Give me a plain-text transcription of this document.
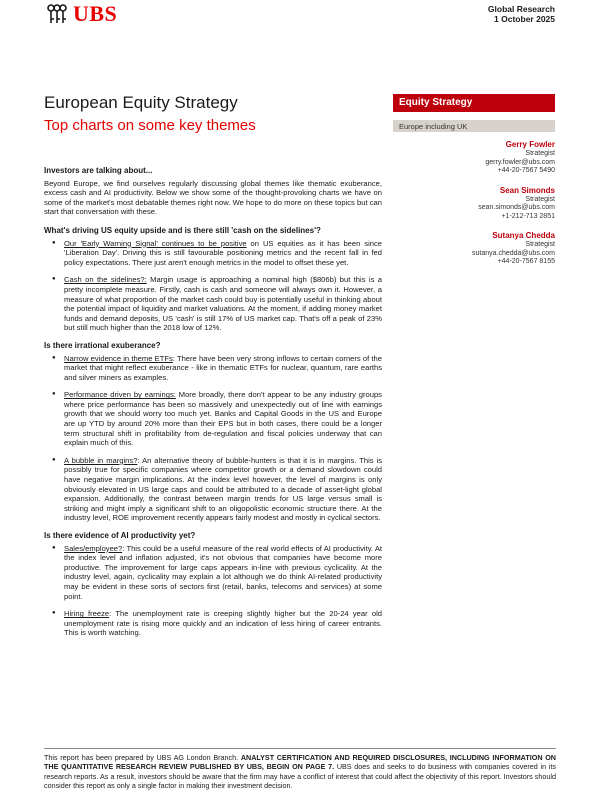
UBS	Global Research
1 October 2025
European Equity Strategy
Top charts on some key themes
Equity Strategy
Europe including UK
Gerry Fowler
Strategist
gerry.fowler@ubs.com
+44-20-7567 5490
Sean Simonds
Strategist
sean.simonds@ubs.com
+1-212-713 2851
Sutanya Chedda
Strategist
sutanya.chedda@ubs.com
+44-20-7567 8155
Investors are talking about...
Beyond Europe, we find ourselves regularly discussing global themes like thematic exuberance, excess cash and AI productivity. Below we show some of the thought-provoking charts we have on some of the market's most debatable themes right now. We hope to do more on these topics but can start that conversation with these.
What's driving US equity upside and is there still 'cash on the sidelines'?
● Our 'Early Warning Signal' continues to be positive on US equities as it has been since 'Liberation Day'. Driving this is still favourable positioning metrics and the recent fall in fed policy expectations. There just aren't enough metrics in the model to offset these yet.
● Cash on the sidelines?: Margin usage is approaching a nominal high ($806b) but this is a pretty incomplete measure. Firstly, cash is cash and someone will always own it. However, a measure of what proportion of the market cash could buy is potentially useful in thinking about the potential impact of liquidity and market valuations. At the moment, if adding money market funds and demand deposits, US 'cash' is still 17% of US market cap. That's off a peak of 23% but still much higher than the 2018 low of 12%.
Is there irrational exuberance?
● Narrow evidence in theme ETFs: There have been very strong inflows to certain corners of the market that might reflect exuberance - like in thematic ETFs for nuclear, quantum, rare earths and silver miners as examples.
● Performance driven by earnings: More broadly, there don't appear to be any industry groups where price performance has been so massively and unexpectedly out of line with earnings growth that we should worry too much yet. Banks and Capital Goods in the US and Europe are up YTD by around 20% more than their EPS but in both cases, there could be a longer term structural shift in profitability from de-regulation and fiscal policies underway that can explain much of this.
● A bubble in margins?: An alternative theory of bubble-hunters is that it is in margins. This is possibly true for specific companies where competitor growth or a demand slowdown could have negative margin implications. At the index level however, the level of margins is only obviously elevated in US large caps and could be attributed to a decade of asset-light global expansion. Additionally, the contrast between margin trends for US large versus small is striking and might imply a significant shift to an oligopolistic economic structure there. At the industry level, ROE improvement recently appears fairly modest and mostly in cyclical sectors.
Is there evidence of AI productivity yet?
● Sales/employee?: This could be a useful measure of the real world effects of AI productivity. At the index level and inflation adjusted, it's not obvious that companies have become more productive. The improvement for large caps appears in-line with previous cyclicality. At the industry level, again, cyclicality may explain a lot although we do think AI-related productivity may be evident in these sorts of sectors first (retail, banks, telecoms and services) at some point.
● Hiring freeze: The unemployment rate is creeping slightly higher but the 20-24 year old unemployment rate is rising more quickly and an indication of less hiring of career entrants. This is worth watching.
This report has been prepared by UBS AG London Branch. ANALYST CERTIFICATION AND REQUIRED DISCLOSURES, INCLUDING INFORMATION ON THE QUANTITATIVE RESEARCH REVIEW PUBLISHED BY UBS, BEGIN ON PAGE 7. UBS does and seeks to do business with companies covered in its research reports. As a result, investors should be aware that the firm may have a conflict of interest that could affect the objectivity of this report. Investors should consider this report as only a single factor in making their investment decision.
